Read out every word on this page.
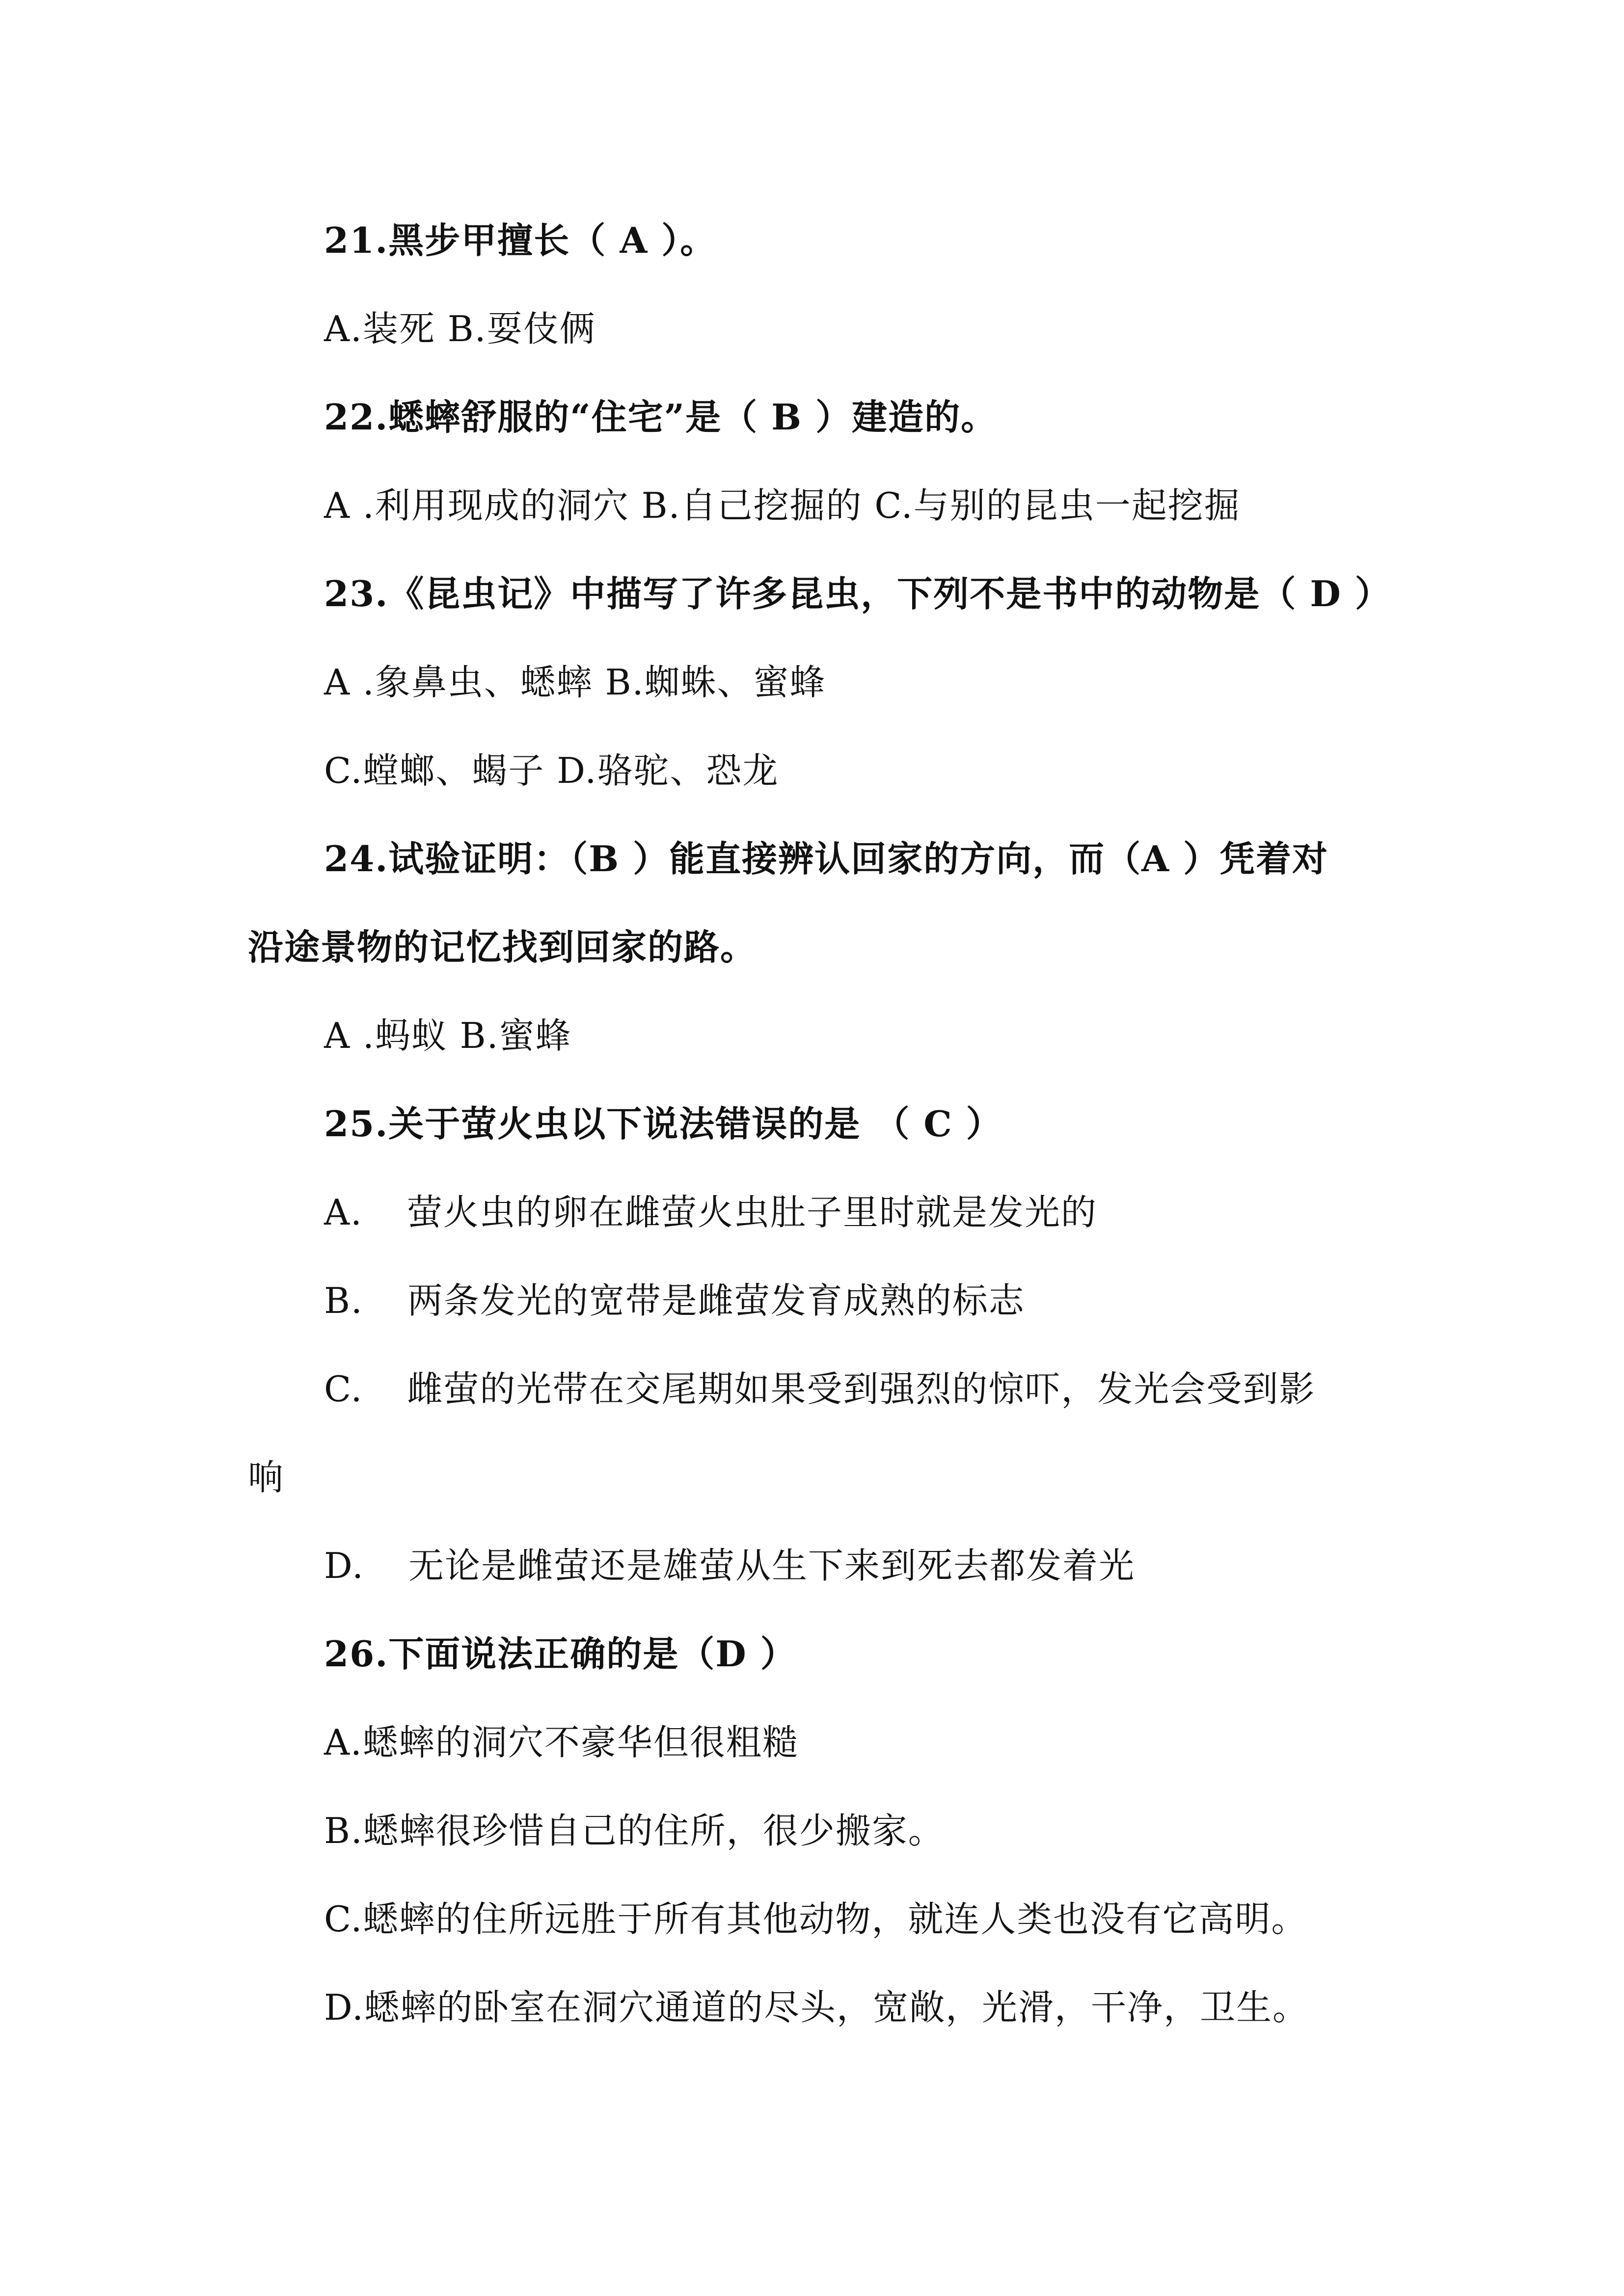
21.黑步甲擅长（ A ）。
A.装死 B.耍伎俩
22.蟋蟀舒服的“住宅”是（ B ）建造的。
A .利用现成的洞穴 B.自己挖掘的 C.与别的昆虫一起挖掘
23.《昆虫记》中描写了许多昆虫，下列不是书中的动物是（ D ）
A .象鼻虫、蟋蟀 B.蜘蛛、蜜蜂
C.螳螂、蝎子 D.骆驼、恐龙
24.试验证明：（B ）能直接辨认回家的方向，而（A ）凭着对
沿途景物的记忆找到回家的路。
A .蚂蚁 B.蜜蜂
25.关于萤火虫以下说法错误的是 （ C ）
A. 萤火虫的卵在雌萤火虫肚子里时就是发光的
B. 两条发光的宽带是雌萤发育成熟的标志
C. 雌萤的光带在交尾期如果受到强烈的惊吓，发光会受到影
响
D. 无论是雌萤还是雄萤从生下来到死去都发着光
26.下面说法正确的是（D ）
A.蟋蟀的洞穴不豪华但很粗糙
B.蟋蟀很珍惜自己的住所，很少搬家。
C.蟋蟀的住所远胜于所有其他动物，就连人类也没有它高明。
D.蟋蟀的卧室在洞穴通道的尽头，宽敞，光滑，干净，卫生。
